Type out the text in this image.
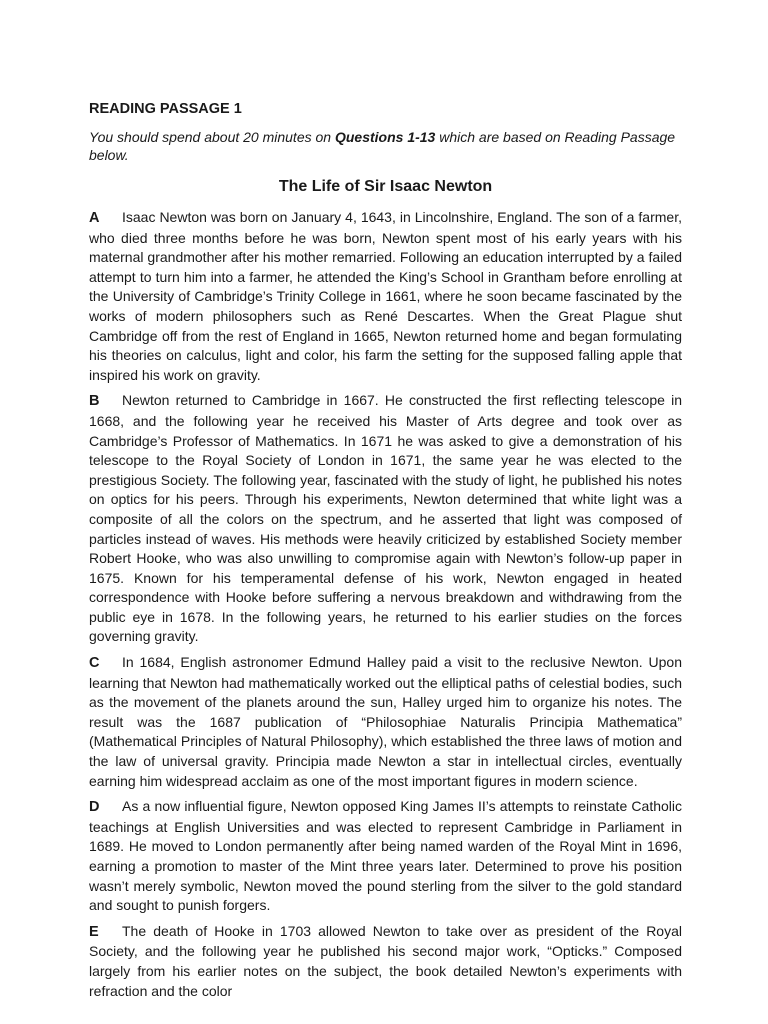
READING PASSAGE 1
You should spend about 20 minutes on Questions 1-13 which are based on Reading Passage below.
The Life of Sir Isaac Newton

A Isaac Newton was born on January 4, 1643, in Lincolnshire, England. The son of a farmer, who died three months before he was born, Newton spent most of his early years with his maternal grandmother after his mother remarried. Following an education interrupted by a failed attempt to turn him into a farmer, he attended the King’s School in Grantham before enrolling at the University of Cambridge’s Trinity College in 1661, where he soon became fascinated by the works of modern philosophers such as René Descartes. When the Great Plague shut Cambridge off from the rest of England in 1665, Newton returned home and began formulating his theories on calculus, light and color, his farm the setting for the supposed falling apple that inspired his work on gravity.

B Newton returned to Cambridge in 1667. He constructed the first reflecting telescope in 1668, and the following year he received his Master of Arts degree and took over as Cambridge’s Professor of Mathematics. In 1671 he was asked to give a demonstration of his telescope to the Royal Society of London in 1671, the same year he was elected to the prestigious Society. The following year, fascinated with the study of light, he published his notes on optics for his peers. Through his experiments, Newton determined that white light was a composite of all the colors on the spectrum, and he asserted that light was composed of particles instead of waves. His methods were heavily criticized by established Society member Robert Hooke, who was also unwilling to compromise again with Newton’s follow-up paper in 1675. Known for his temperamental defense of his work, Newton engaged in heated correspondence with Hooke before suffering a nervous breakdown and withdrawing from the public eye in 1678. In the following years, he returned to his earlier studies on the forces governing gravity.

C In 1684, English astronomer Edmund Halley paid a visit to the reclusive Newton. Upon learning that Newton had mathematically worked out the elliptical paths of celestial bodies, such as the movement of the planets around the sun, Halley urged him to organize his notes. The result was the 1687 publication of “Philosophiae Naturalis Principia Mathematica” (Mathematical Principles of Natural Philosophy), which established the three laws of motion and the law of universal gravity. Principia made Newton a star in intellectual circles, eventually earning him widespread acclaim as one of the most important figures in modern science.

D As a now influential figure, Newton opposed King James II’s attempts to reinstate Catholic teachings at English Universities and was elected to represent Cambridge in Parliament in 1689. He moved to London permanently after being named warden of the Royal Mint in 1696, earning a promotion to master of the Mint three years later. Determined to prove his position wasn’t merely symbolic, Newton moved the pound sterling from the silver to the gold standard and sought to punish forgers.

E The death of Hooke in 1703 allowed Newton to take over as president of the Royal Society, and the following year he published his second major work, “Opticks.” Composed largely from his earlier notes on the subject, the book detailed Newton’s experiments with refraction and the color
